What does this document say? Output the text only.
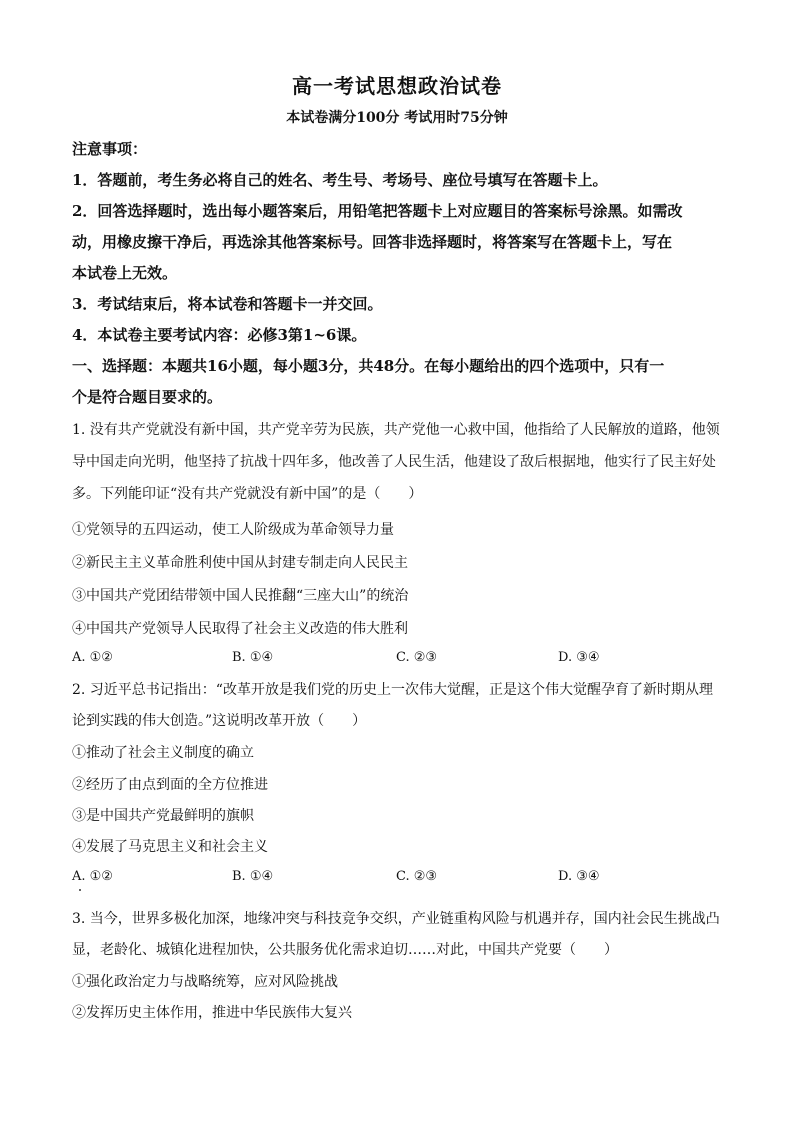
高一考试思想政治试卷
本试卷满分100分 考试用时75分钟
注意事项：
1．答题前，考生务必将自己的姓名、考生号、考场号、座位号填写在答题卡上。
2．回答选择题时，选出每小题答案后，用铅笔把答题卡上对应题目的答案标号涂黑。如需改
动，用橡皮擦干净后，再选涂其他答案标号。回答非选择题时，将答案写在答题卡上，写在
本试卷上无效。
3．考试结束后，将本试卷和答题卡一并交回。
4．本试卷主要考试内容：必修3第1~6课。
一、选择题：本题共16小题，每小题3分，共48分。在每小题给出的四个选项中，只有一
个是符合题目要求的。
1. 没有共产党就没有新中国，共产党辛劳为民族，共产党他一心救中国，他指给了人民解放的道路，他领
导中国走向光明，他坚持了抗战十四年多，他改善了人民生活，他建设了敌后根据地，他实行了民主好处
多。下列能印证“没有共产党就没有新中国”的是（　　）
①党领导的五四运动，使工人阶级成为革命领导力量
②新民主主义革命胜利使中国从封建专制走向人民民主
③中国共产党团结带领中国人民推翻“三座大山”的统治
④中国共产党领导人民取得了社会主义改造的伟大胜利
A. ①②	B. ①④	C. ②③	D. ③④
2. 习近平总书记指出：“改革开放是我们党的历史上一次伟大觉醒，正是这个伟大觉醒孕育了新时期从理
论到实践的伟大创造。”这说明改革开放（　　）
①推动了社会主义制度的确立
②经历了由点到面的全方位推进
③是中国共产党最鲜明的旗帜
④发展了马克思主义和社会主义
A. ①②	B. ①④	C. ②③	D. ③④
3. 当今，世界多极化加深，地缘冲突与科技竞争交织，产业链重构风险与机遇并存，国内社会民生挑战凸
显，老龄化、城镇化进程加快，公共服务优化需求迫切……对此，中国共产党要（　　）
①强化政治定力与战略统筹，应对风险挑战
②发挥历史主体作用，推进中华民族伟大复兴
